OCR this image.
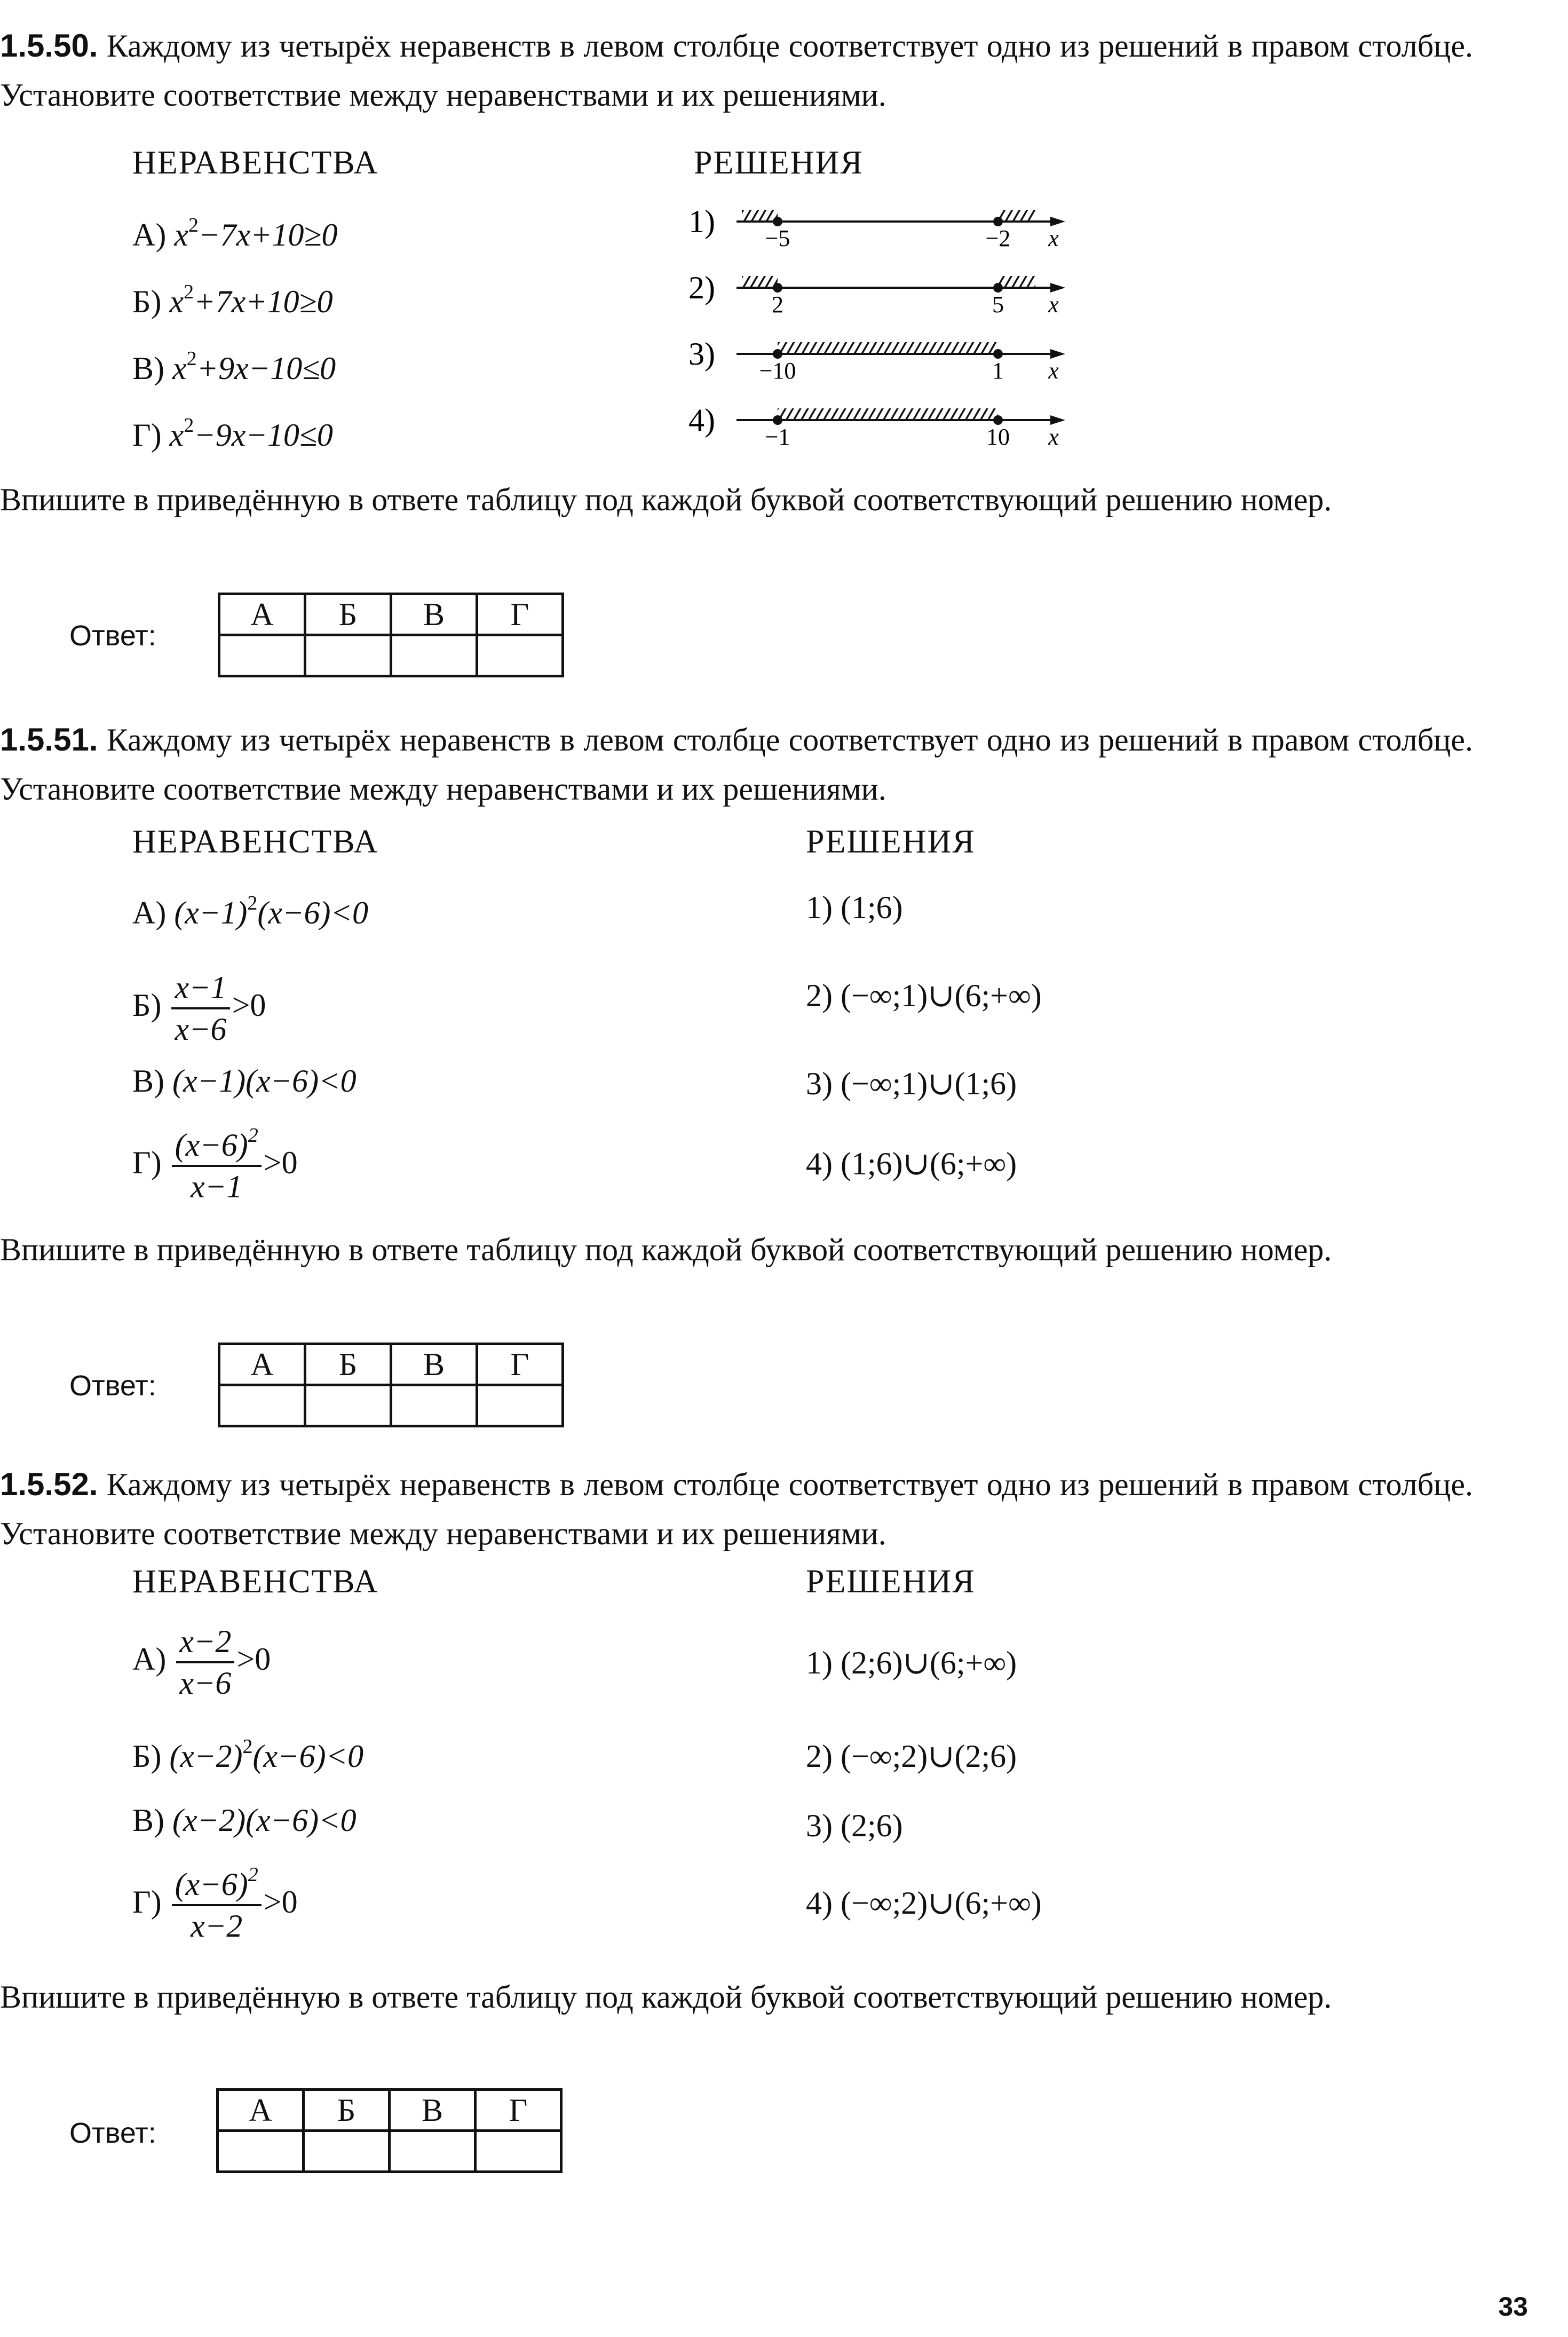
1.5.50. Каждому из четырёх неравенств в левом столбце соответствует одно из решений в правом столбце. Установите соответствие между неравенствами и их решениями.
НЕРАВЕНСТВА	РЕШЕНИЯ
А) $x^2-7x+10\ge 0$
Б) $x^2+7x+10\ge 0$
В) $x^2+9x-10\le 0$
Г) $x^2-9x-10\le 0$
1) −5	−2 x
2) 2	5 x
3) −10	1 x
4) −1	10 x
Впишите в приведённую в ответе таблицу под каждой буквой соответствующий решению номер.
Ответ:
А	Б	В	Г

1.5.51. Каждому из четырёх неравенств в левом столбце соответствует одно из решений в правом столбце. Установите соответствие между неравенствами и их решениями.
НЕРАВЕНСТВА	РЕШЕНИЯ
А) $(x-1)^2(x-6)<0$
$Б) \frac{x-1}{x-6} >0$
В) (x−1)(x−6)<0
$Г) \frac{(x-6)^2}{x-1} >0$
1) (1;6)
2) (−∞;1)∪(6;+∞)
3) (−∞;1)∪(1;6)
4) (1;6)∪(6;+∞)
Впишите в приведённую в ответе таблицу под каждой буквой соответствующий решению номер.
Ответ:
А	Б	В	Г

1.5.52. Каждому из четырёх неравенств в левом столбце соответствует одно из решений в правом столбце. Установите соответствие между неравенствами и их решениями.
НЕРАВЕНСТВА	РЕШЕНИЯ
$А) \frac{x-2}{x-6} >0$
Б) $(x-2)^2(x-6)<0$
В) (x−2)(x−6)<0
$Г) \frac{(x-6)^2}{x-2} >0$
1) (2;6)∪(6;+∞)
2) (−∞;2)∪(2;6)
3) (2;6)
4) (−∞;2)∪(6;+∞)
Впишите в приведённую в ответе таблицу под каждой буквой соответствующий решению номер.
Ответ:
А	Б	В	Г

33
